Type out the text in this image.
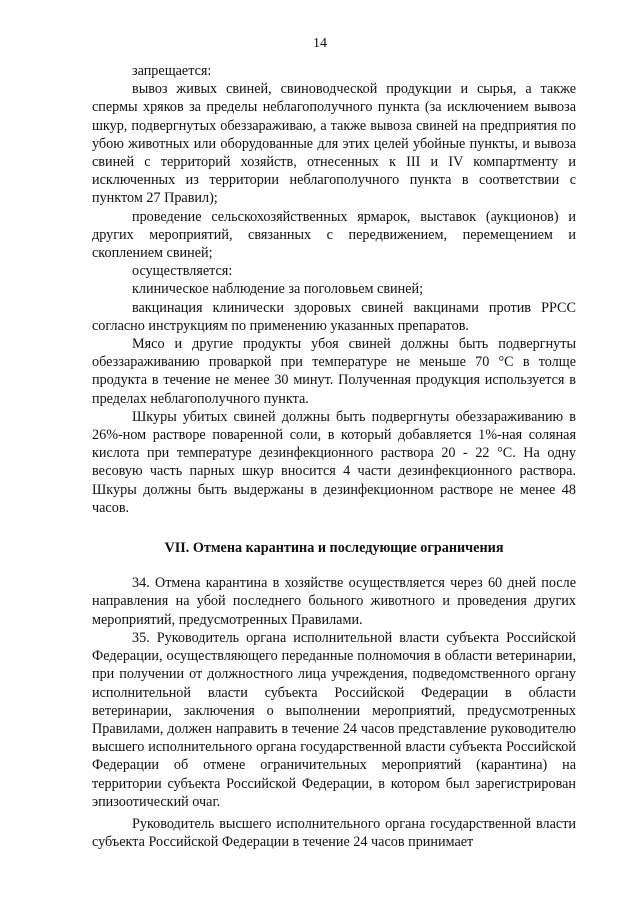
14

запрещается:

вывоз живых свиней, свиноводческой продукции и сырья, а также спермы хряков за пределы неблагополучного пункта (за исключением вывоза шкур, подвергнутых обеззараживаю, а также вывоза свиней на предприятия по убою животных или оборудованные для этих целей убойные пункты, и вывоза свиней с территорий хозяйств, отнесенных к III и IV компартменту и исключенных из территории неблагополучного пункта в соответствии с пунктом 27 Правил);

проведение сельскохозяйственных ярмарок, выставок (аукционов) и других мероприятий, связанных с передвижением, перемещением и скоплением свиней;

осуществляется:

клиническое наблюдение за поголовьем свиней;

вакцинация клинически здоровых свиней вакцинами против РРСС согласно инструкциям по применению указанных препаратов.

Мясо и другие продукты убоя свиней должны быть подвергнуты обеззараживанию проваркой при температуре не меньше 70 °С в толще продукта в течение не менее 30 минут. Полученная продукция используется в пределах неблагополучного пункта.

Шкуры убитых свиней должны быть подвергнуты обеззараживанию в 26%-ном растворе поваренной соли, в который добавляется 1%-ная соляная кислота при температуре дезинфекционного раствора 20 - 22 °С. На одну весовую часть парных шкур вносится 4 части дезинфекционного раствора. Шкуры должны быть выдержаны в дезинфекционном растворе не менее 48 часов.

VII. Отмена карантина и последующие ограничения

34. Отмена карантина в хозяйстве осуществляется через 60 дней после направления на убой последнего больного животного и проведения других мероприятий, предусмотренных Правилами.

35. Руководитель органа исполнительной власти субъекта Российской Федерации, осуществляющего переданные полномочия в области ветеринарии, при получении от должностного лица учреждения, подведомственного органу исполнительной власти субъекта Российской Федерации в области ветеринарии, заключения о выполнении мероприятий, предусмотренных Правилами, должен направить в течение 24 часов представление руководителю высшего исполнительного органа государственной власти субъекта Российской Федерации об отмене ограничительных мероприятий (карантина) на территории субъекта Российской Федерации, в котором был зарегистрирован эпизоотический очаг.

Руководитель высшего исполнительного органа государственной власти субъекта Российской Федерации в течение 24 часов принимает
